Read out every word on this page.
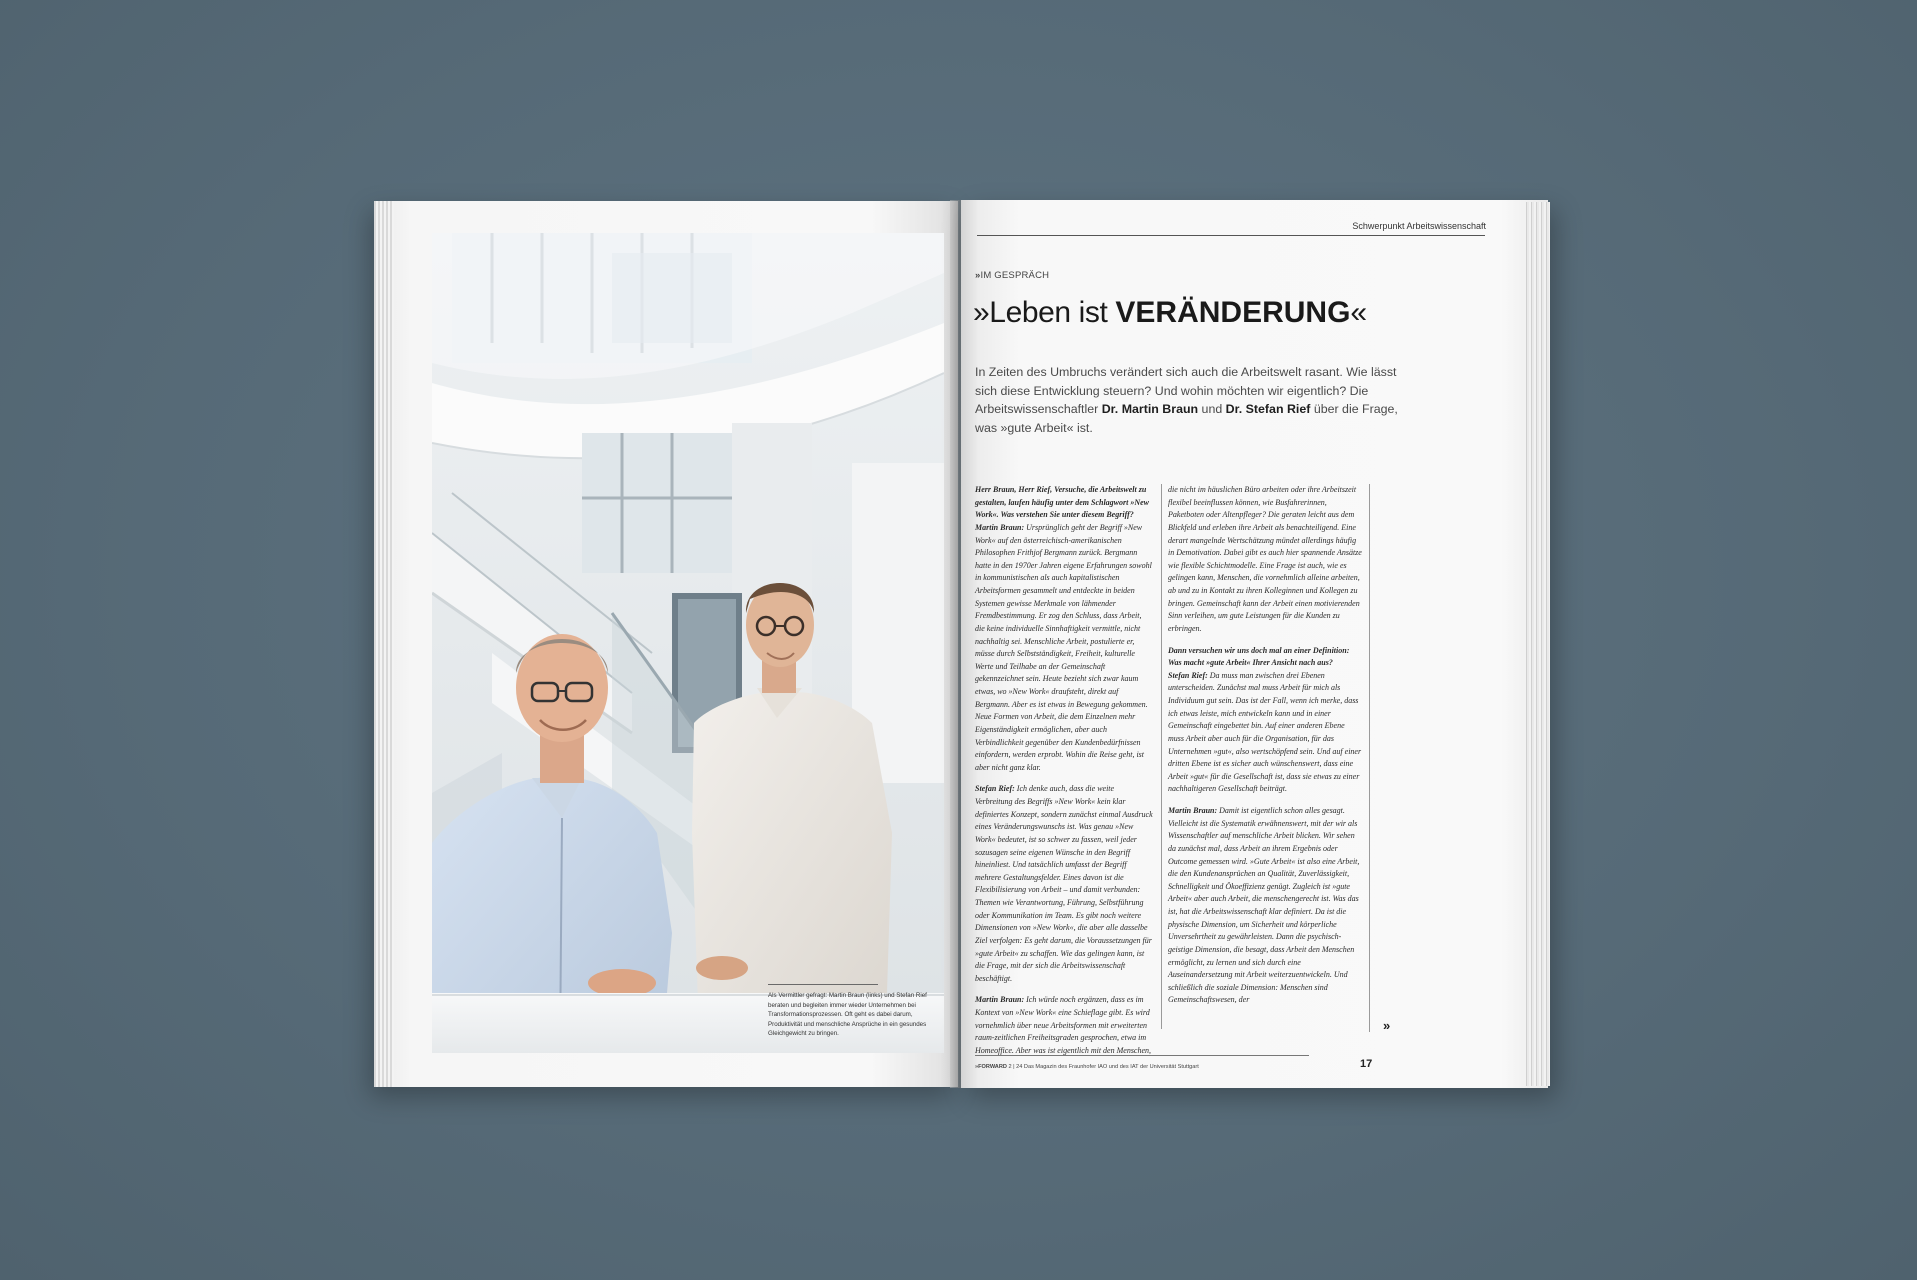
Als Vermittler gefragt: Martin Braun (links) und Stefan Rief beraten und begleiten immer wieder Unternehmen bei Transformationsprozessen. Oft geht es dabei darum, Produktivität und menschliche Ansprüche in ein gesundes Gleichgewicht zu bringen.
Schwerpunkt Arbeitswissenschaft
»IM GESPRÄCH
»Leben ist VERÄNDERUNG«
In Zeiten des Umbruchs verändert sich auch die Arbeitswelt rasant. Wie lässt sich diese Entwicklung steuern? Und wohin möchten wir eigentlich? Die Arbeitswissenschaftler Dr. Martin Braun und Dr. Stefan Rief über die Frage, was »gute Arbeit« ist.

Herr Braun, Herr Rief, Versuche, die Arbeitswelt zu gestalten, laufen häufig unter dem Schlagwort »New Work«. Was verstehen Sie unter diesem Begriff?

Martin Braun: Ursprünglich geht der Begriff »New Work« auf den österreichisch-amerikanischen Philosophen Frithjof Bergmann zurück. Bergmann hatte in den 1970er Jahren eigene Erfahrungen sowohl in kommunistischen als auch kapitalistischen Arbeitsformen gesammelt und entdeckte in beiden Systemen gewisse Merkmale von lähmender Fremdbestimmung. Er zog den Schluss, dass Arbeit, die keine individuelle Sinnhaftigkeit vermittle, nicht nachhaltig sei. Menschliche Arbeit, postulierte er, müsse durch Selbstständigkeit, Freiheit, kulturelle Werte und Teilhabe an der Gemeinschaft gekennzeichnet sein. Heute bezieht sich zwar kaum etwas, wo »New Work« draufsteht, direkt auf Bergmann. Aber es ist etwas in Bewegung gekommen. Neue Formen von Arbeit, die dem Einzelnen mehr Eigenständigkeit ermöglichen, aber auch Verbindlichkeit gegenüber den Kundenbedürfnissen einfordern, werden erprobt. Wohin die Reise geht, ist aber nicht ganz klar.

Stefan Rief: Ich denke auch, dass die weite Verbreitung des Begriffs »New Work« kein klar definiertes Konzept, sondern zunächst einmal Ausdruck eines Veränderungswunschs ist. Was genau »New Work« bedeutet, ist so schwer zu fassen, weil jeder sozusagen seine eigenen Wünsche in den Begriff hineinliest. Und tatsächlich umfasst der Begriff mehrere Gestaltungsfelder. Eines davon ist die Flexibilisierung von Arbeit – und damit verbunden: Themen wie Verantwortung, Führung, Selbstführung oder Kommunikation im Team. Es gibt noch weitere Dimensionen von »New Work«, die aber alle dasselbe Ziel verfolgen: Es geht darum, die Voraussetzungen für »gute Arbeit« zu schaffen. Wie das gelingen kann, ist die Frage, mit der sich die Arbeitswissenschaft beschäftigt.

Martin Braun: Ich würde noch ergänzen, dass es im Kontext von »New Work« eine Schieflage gibt. Es wird vornehmlich über neue Arbeitsformen mit erweiterten raum-zeitlichen Freiheitsgraden gesprochen, etwa im Homeoffice. Aber was ist eigentlich mit den Menschen,

die nicht im häuslichen Büro arbeiten oder ihre Arbeitszeit flexibel beeinflussen können, wie Busfahrerinnen, Paketboten oder Altenpfleger? Die geraten leicht aus dem Blickfeld und erleben ihre Arbeit als benachteiligend. Eine derart mangelnde Wertschätzung mündet allerdings häufig in Demotivation. Dabei gibt es auch hier spannende Ansätze wie flexible Schichtmodelle. Eine Frage ist auch, wie es gelingen kann, Menschen, die vornehmlich alleine arbeiten, ab und zu in Kontakt zu ihren Kolleginnen und Kollegen zu bringen. Gemeinschaft kann der Arbeit einen motivierenden Sinn verleihen, um gute Leistungen für die Kunden zu erbringen.

Dann versuchen wir uns doch mal an einer Definition: Was macht »gute Arbeit« Ihrer Ansicht nach aus?

Stefan Rief: Da muss man zwischen drei Ebenen unterscheiden. Zunächst mal muss Arbeit für mich als Individuum gut sein. Das ist der Fall, wenn ich merke, dass ich etwas leiste, mich entwickeln kann und in einer Gemeinschaft eingebettet bin. Auf einer anderen Ebene muss Arbeit aber auch für die Organisation, für das Unternehmen »gut«, also wertschöpfend sein. Und auf einer dritten Ebene ist es sicher auch wünschenswert, dass eine Arbeit »gut« für die Gesellschaft ist, dass sie etwas zu einer nachhaltigeren Gesellschaft beiträgt.

Martin Braun: Damit ist eigentlich schon alles gesagt. Vielleicht ist die Systematik erwähnenswert, mit der wir als Wissenschaftler auf menschliche Arbeit blicken. Wir sehen da zunächst mal, dass Arbeit an ihrem Ergebnis oder Outcome gemessen wird. »Gute Arbeit« ist also eine Arbeit, die den Kundenansprüchen an Qualität, Zuverlässigkeit, Schnelligkeit und Ökoeffizienz genügt. Zugleich ist »gute Arbeit« aber auch Arbeit, die menschengerecht ist. Was das ist, hat die Arbeitswissenschaft klar definiert. Da ist die physische Dimension, um Sicherheit und körperliche Unversehrtheit zu gewährleisten. Dann die psychisch-geistige Dimension, die besagt, dass Arbeit den Menschen ermöglicht, zu lernen und sich durch eine Auseinandersetzung mit Arbeit weiterzuentwickeln. Und schließlich die soziale Dimension: Menschen sind Gemeinschaftswesen, der

»
»FORWARD 2 | 24 Das Magazin des Fraunhofer IAO und des IAT der Universität Stuttgart	17
